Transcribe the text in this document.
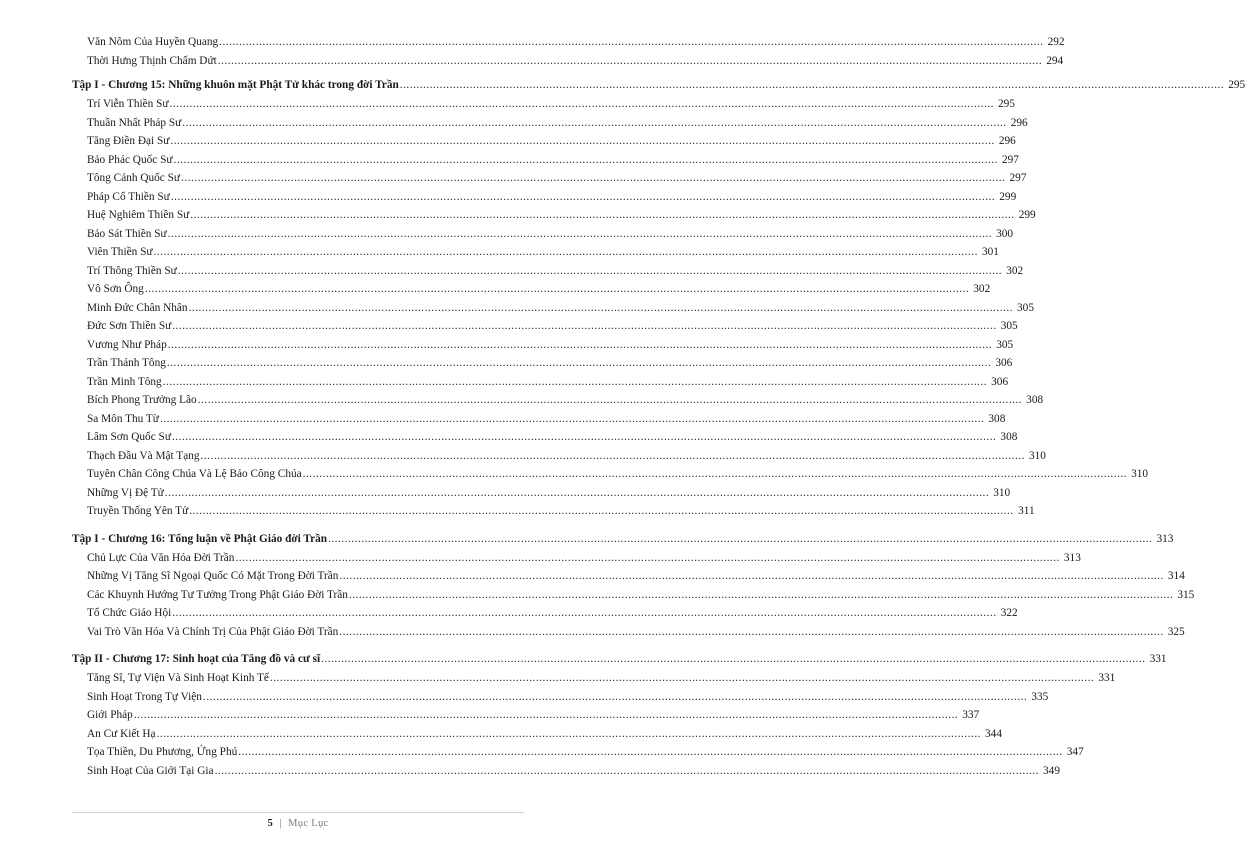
Văn Nôm Của Huyền Quang .....	292
Thời Hưng Thịnh Chấm Dứt .....	294
Tập I - Chương 15: Những khuôn mặt Phật Tử khác trong đời Trần .....	295
Trí Viễn Thiền Sư .....	295
Thuần Nhất Pháp Sư .....	296
Tăng Điền Đại Sư .....	296
Bảo Phác Quốc Sư .....	297
Tông Cảnh Quốc Sư .....	297
Pháp Cổ Thiền Sư .....	299
Huệ Nghiêm Thiền Sư .....	299
Bảo Sát Thiền Sư .....	300
Viên Thiền Sư .....	301
Trí Thông Thiền Sư .....	302
Vô Sơn Ông .....	302
Minh Đức Chân Nhân .....	305
Đức Sơn Thiền Sư .....	305
Vương Như Pháp .....	305
Trần Thánh Tông .....	306
Trần Minh Tông .....	306
Bích Phong Trưởng Lão .....	308
Sa Môn Thu Từ .....	308
Lâm Sơn Quốc Sư .....	308
Thạch Đầu Và Mật Tạng .....	310
Tuyên Chân Công Chúa Và Lệ Bảo Công Chúa .....	310
Những Vị Đệ Tử .....	310
Truyền Thống Yên Tử .....	311
Tập I - Chương 16: Tổng luận về Phật Giáo đời Trần .....	313
Chủ Lực Của Văn Hóa Đời Trần .....	313
Những Vị Tăng Sĩ Ngoại Quốc Có Mặt Trong Đời Trần .....	314
Các Khuynh Hướng Tư Tưởng Trong Phật Giáo Đời Trần .....	315
Tổ Chức Giáo Hội .....	322
Vai Trò Văn Hóa Và Chính Trị Của Phật Giáo Đời Trần .....	325
Tập II - Chương 17: Sinh hoạt của Tăng đồ và cư sĩ .....	331
Tăng Sĩ, Tự Viện Và Sinh Hoạt Kinh Tế .....	331
Sinh Hoạt Trong Tự Viện .....	335
Giới Pháp .....	337
An Cư Kiết Hạ .....	344
Tọa Thiền, Du Phương, Ứng Phú .....	347
Sinh Hoạt Của Giới Tại Gia .....	349
5 | Mục Lục
